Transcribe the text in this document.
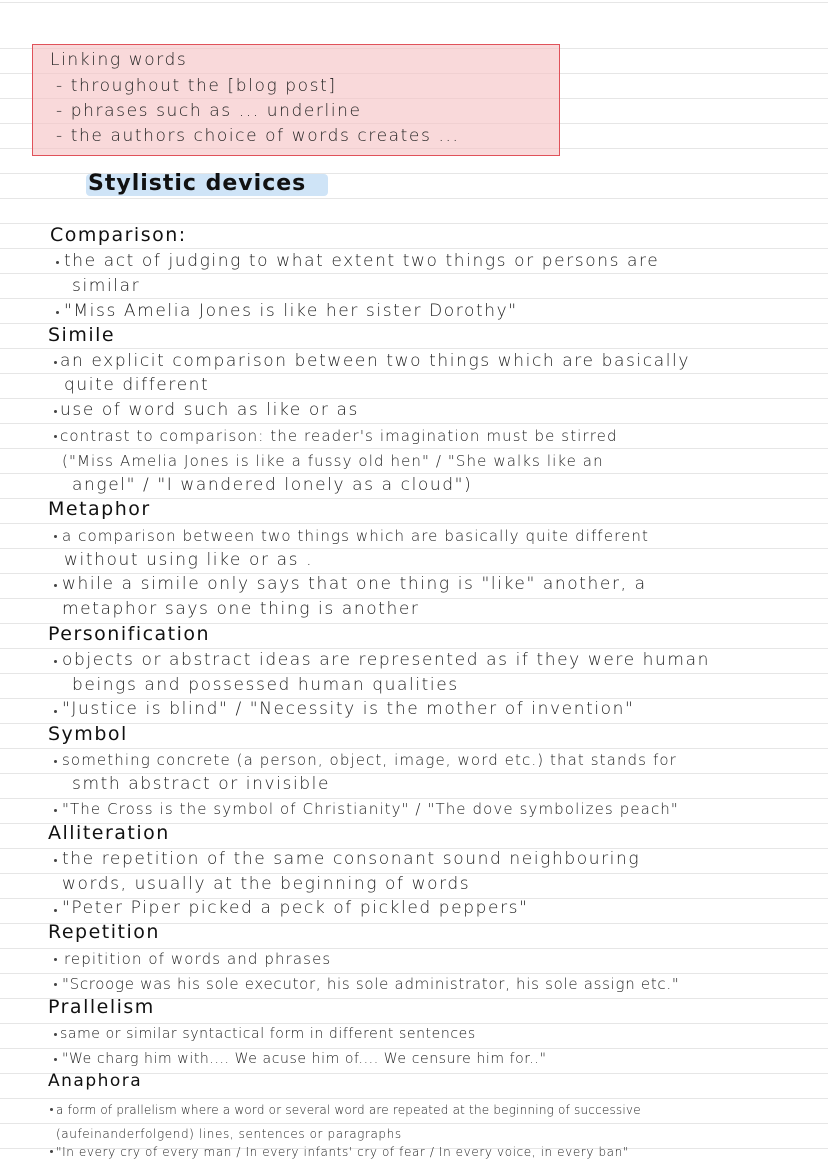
Linking words
- throughout the [blog post]
- phrases such as ... underline
- the authors choice of words creates ...
Stylistic devices
Comparison:
the act of judging to what extent two things or persons are
similar
"Miss Amelia Jones is like her sister Dorothy"
Simile
an explicit comparison between two things which are basically
quite different
use of word such as like or as
contrast to comparison: the reader's imagination must be stirred
("Miss Amelia Jones is like a fussy old hen" / "She walks like an
angel" / "I wandered lonely as a cloud")
Metaphor
a comparison between two things which are basically quite different
without using like or as .
while a simile only says that one thing is "like" another, a
metaphor says one thing is another
Personification
objects or abstract ideas are represented as if they were human
beings and possessed human qualities
"Justice is blind" / "Necessity is the mother of invention"
Symbol
something concrete (a person, object, image, word etc.) that stands for
smth abstract or invisible
"The Cross is the symbol of Christianity" / "The dove symbolizes peach"
Alliteration
the repetition of the same consonant sound neighbouring
words, usually at the beginning of words
"Peter Piper picked a peck of pickled peppers"
Repetition
repitition of words and phrases
"Scrooge was his sole executor, his sole administrator, his sole assign etc."
Prallelism
same or similar syntactical form in different sentences
"We charg him with.... We acuse him of.... We censure him for.."
Anaphora
a form of prallelism where a word or several word are repeated at the beginning of successive
(aufeinanderfolgend) lines, sentences or paragraphs
"In every cry of every man / In every infants' cry of fear / In every voice, in every ban"
